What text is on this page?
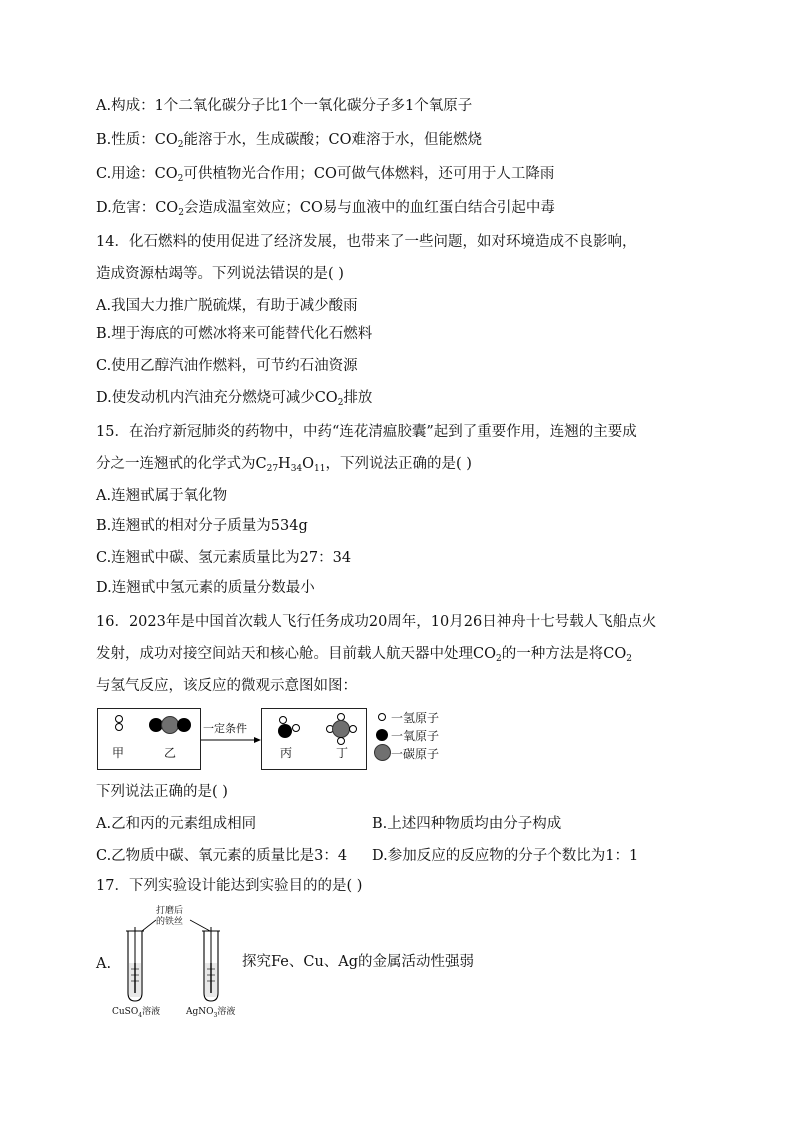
A.构成：1个二氧化碳分子比1个一氧化碳分子多1个氧原子
B.性质：$CO_2$能溶于水，生成碳酸；CO难溶于水，但能燃烧
C.用途：$CO_2$可供植物光合作用；CO可做气体燃料，还可用于人工降雨
D.危害：$CO_2$会造成温室效应；CO易与血液中的血红蛋白结合引起中毒
14．化石燃料的使用促进了经济发展，也带来了一些问题，如对环境造成不良影响，
造成资源枯竭等。下列说法错误的是( )
A.我国大力推广脱硫煤，有助于减少酸雨
B.埋于海底的可燃冰将来可能替代化石燃料
C.使用乙醇汽油作燃料，可节约石油资源
D.使发动机内汽油充分燃烧可减少$CO_2$排放
15．在治疗新冠肺炎的药物中，中药“连花清瘟胶囊”起到了重要作用，连翘的主要成
分之一连翘甙的化学式为$C_{27}H_{34}O_{11}$，下列说法正确的是( )
A.连翘甙属于氧化物
B.连翘甙的相对分子质量为534g
C.连翘甙中碳、氢元素质量比为27：34
D.连翘甙中氢元素的质量分数最小
16．2023年是中国首次载人飞行任务成功20周年，10月26日神舟十七号载人飞船点火
发射，成功对接空间站天和核心舱。目前载人航天器中处理$CO_2$的一种方法是将$CO_2$
与氢气反应，该反应的微观示意图如图：
甲	乙
一定条件
丙	丁
一氢原子
一氧原子
一碳原子
下列说法正确的是( )
A.乙和丙的元素组成相同	B.上述四种物质均由分子构成
C.乙物质中碳、氧元素的质量比是3：4 D.参加反应的反应物的分子个数比为1：1
17．下列实验设计能达到实验目的的是( )
A.
打磨后
的铁丝
CuSO$_4$溶液	AgNO$_3$溶液
探究Fe、Cu、Ag的金属活动性强弱
